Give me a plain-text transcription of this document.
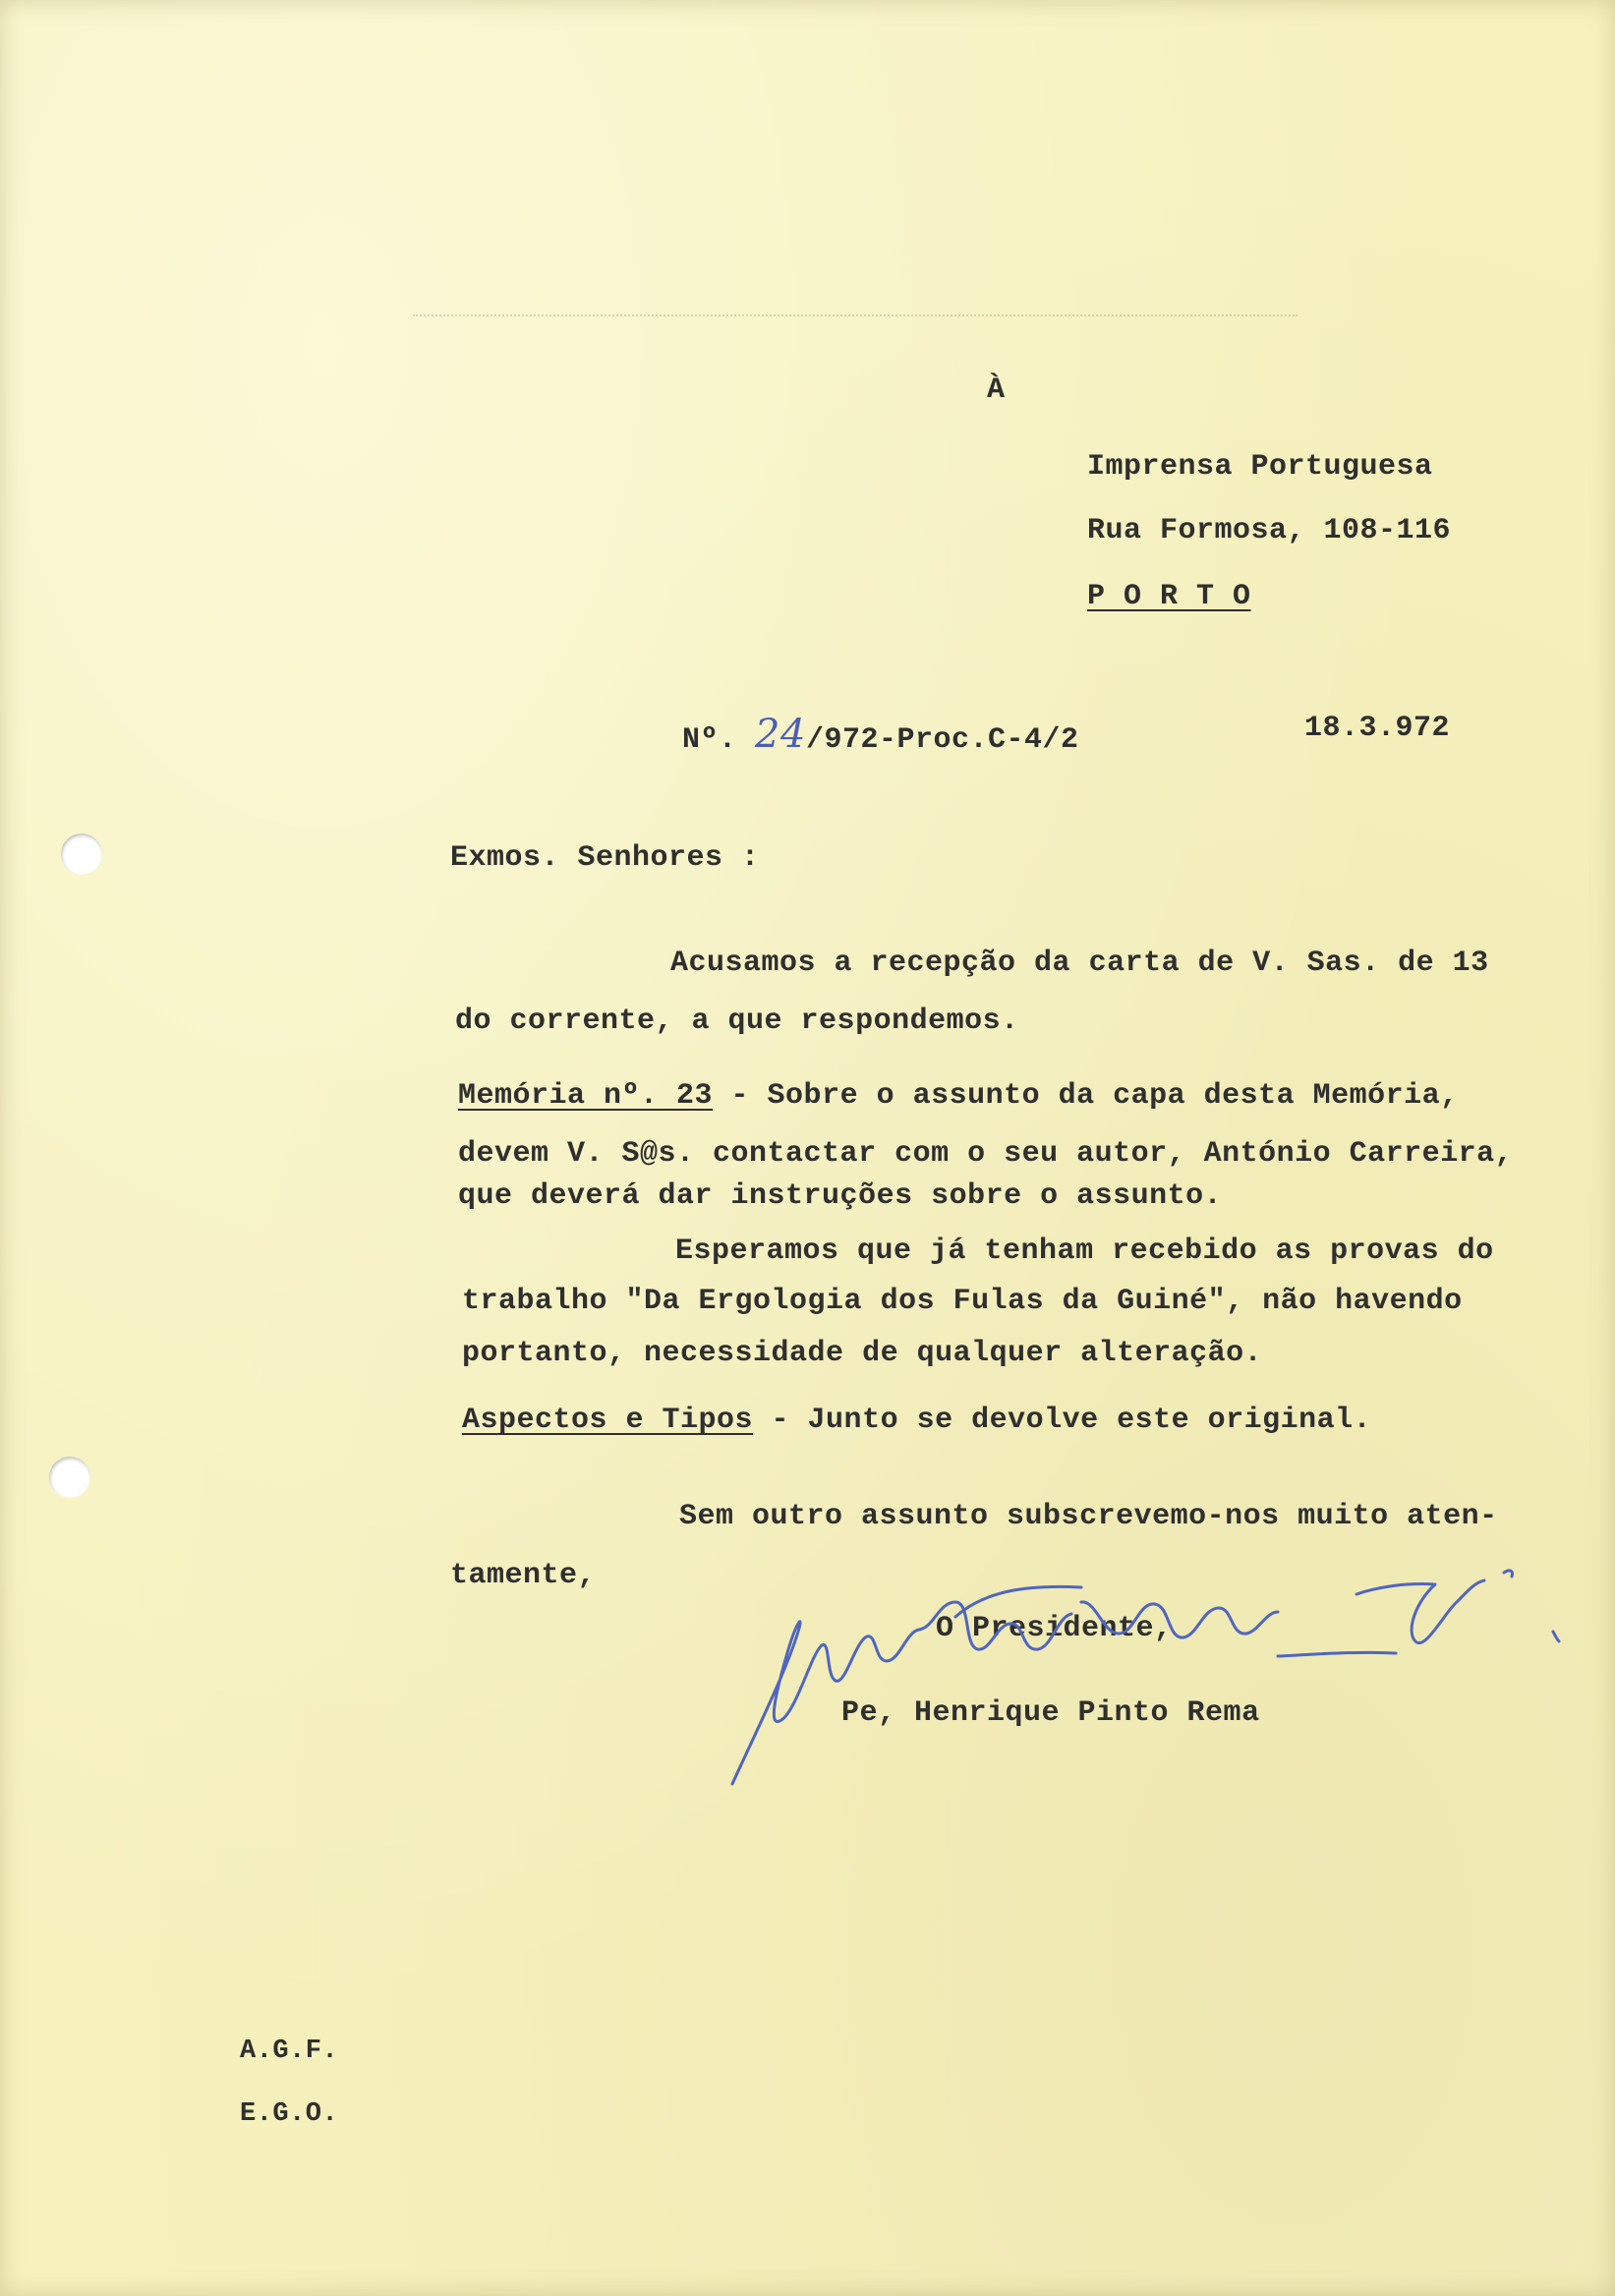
À
Imprensa Portuguesa
Rua Formosa, 108-116
P O R T O
Nº. 24/972-Proc.C-4/2	18.3.972
Exmos. Senhores :
Acusamos a recepção da carta de V. Sas. de 13
do corrente, a que respondemos.
Memória nº. 23 - Sobre o assunto da capa desta Memória,
devem V. S@s. contactar com o seu autor, António Carreira,
que deverá dar instruções sobre o assunto.
Esperamos que já tenham recebido as provas do
trabalho "Da Ergologia dos Fulas da Guiné", não havendo
portanto, necessidade de qualquer alteração.
Aspectos e Tipos - Junto se devolve este original.
Sem outro assunto subscrevemo-nos muito aten-
tamente,
O Presidente,
Pe, Henrique Pinto Rema
A.G.F.
E.G.O.
